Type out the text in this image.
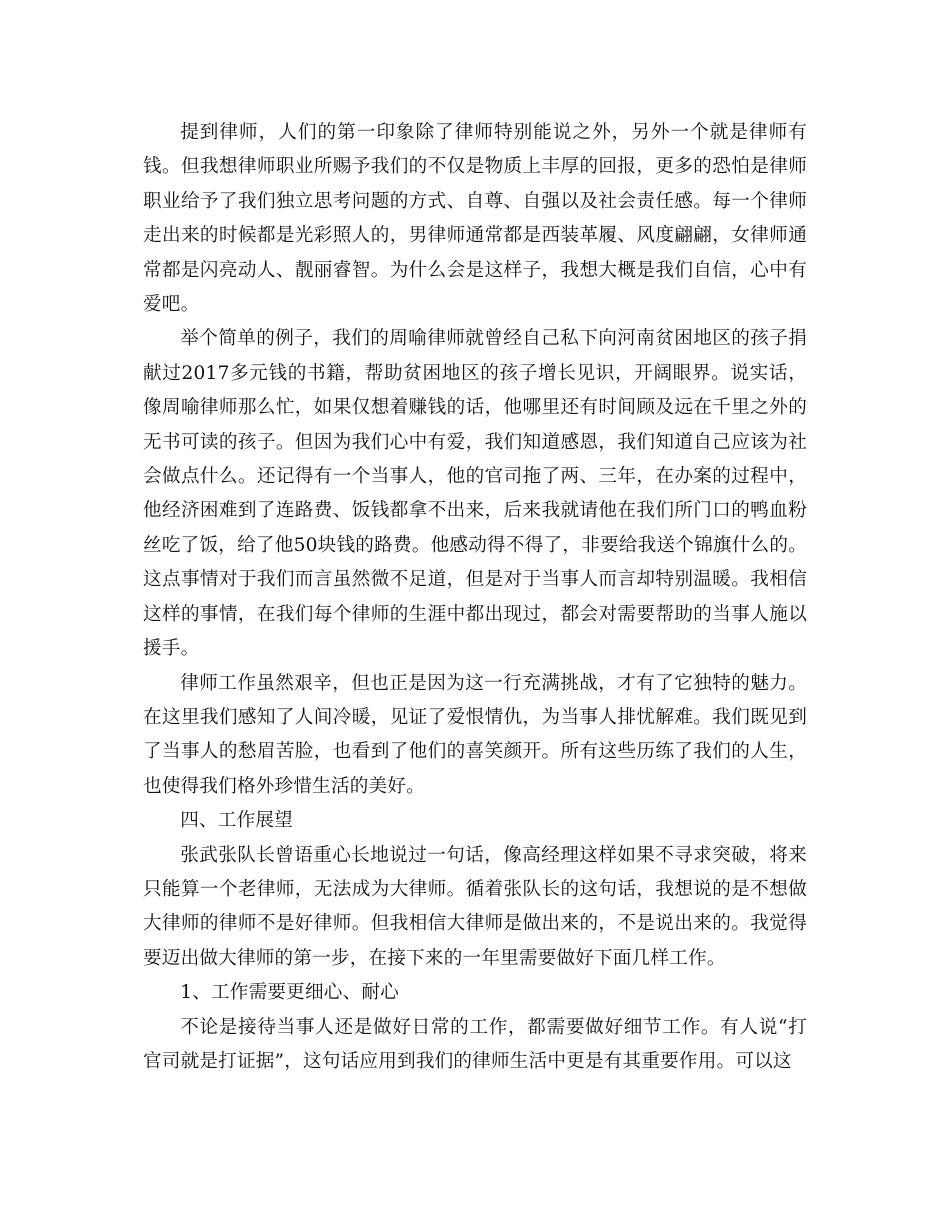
提到律师，人们的第一印象除了律师特别能说之外，另外一个就是律师有钱。但我想律师职业所赐予我们的不仅是物质上丰厚的回报，更多的恐怕是律师职业给予了我们独立思考问题的方式、自尊、自强以及社会责任感。每一个律师走出来的时候都是光彩照人的，男律师通常都是西装革履、风度翩翩，女律师通常都是闪亮动人、靓丽睿智。为什么会是这样子，我想大概是我们自信，心中有爱吧。

举个简单的例子，我们的周喻律师就曾经自己私下向河南贫困地区的孩子捐献过2017多元钱的书籍，帮助贫困地区的孩子增长见识，开阔眼界。说实话，像周喻律师那么忙，如果仅想着赚钱的话，他哪里还有时间顾及远在千里之外的无书可读的孩子。但因为我们心中有爱，我们知道感恩，我们知道自己应该为社会做点什么。还记得有一个当事人，他的官司拖了两、三年，在办案的过程中，他经济困难到了连路费、饭钱都拿不出来，后来我就请他在我们所门口的鸭血粉丝吃了饭，给了他50块钱的路费。他感动得不得了，非要给我送个锦旗什么的。这点事情对于我们而言虽然微不足道，但是对于当事人而言却特别温暖。我相信这样的事情，在我们每个律师的生涯中都出现过，都会对需要帮助的当事人施以援手。

律师工作虽然艰辛，但也正是因为这一行充满挑战，才有了它独特的魅力。在这里我们感知了人间冷暖，见证了爱恨情仇，为当事人排忧解难。我们既见到了当事人的愁眉苦脸，也看到了他们的喜笑颜开。所有这些历练了我们的人生，也使得我们格外珍惜生活的美好。

四、工作展望

张武张队长曾语重心长地说过一句话，像高经理这样如果不寻求突破，将来只能算一个老律师，无法成为大律师。循着张队长的这句话，我想说的是不想做大律师的律师不是好律师。但我相信大律师是做出来的，不是说出来的。我觉得要迈出做大律师的第一步，在接下来的一年里需要做好下面几样工作。

1、工作需要更细心、耐心

不论是接待当事人还是做好日常的工作，都需要做好细节工作。有人说“打官司就是打证据”，这句话应用到我们的律师生活中更是有其重要作用。可以这
